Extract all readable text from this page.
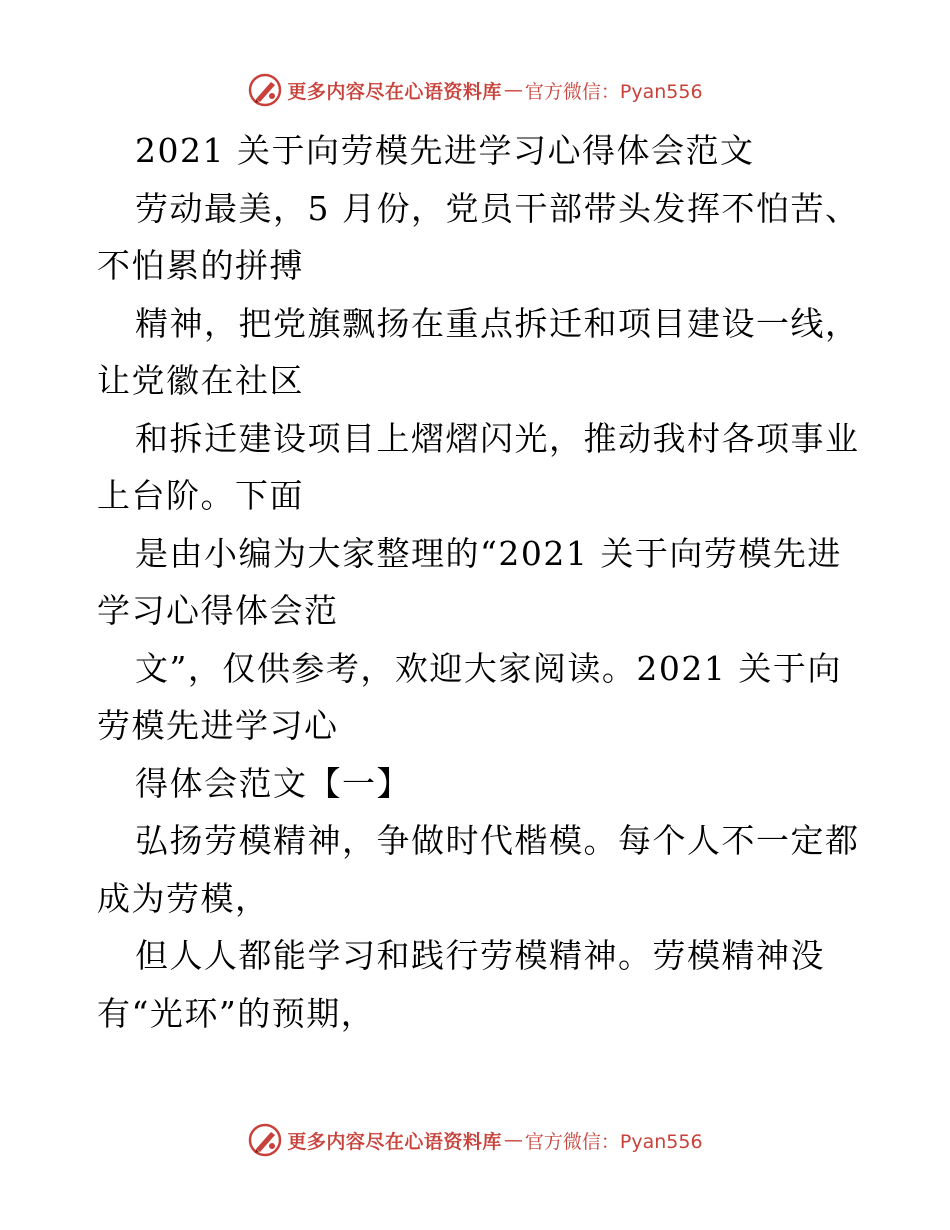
更多内容尽在心语资料库 — 官方微信：Pyan556
2021 关于向劳模先进学习心得体会范文
劳动最美，5 月份，党员干部带头发挥不怕苦、
不怕累的拼搏
精神，把党旗飘扬在重点拆迁和项目建设一线，
让党徽在社区
和拆迁建设项目上熠熠闪光，推动我村各项事业
上台阶。下面
是由小编为大家整理的“2021 关于向劳模先进
学习心得体会范
文”，仅供参考，欢迎大家阅读。2021 关于向
劳模先进学习心
得体会范文【一】
弘扬劳模精神，争做时代楷模。每个人不一定都
成为劳模，
但人人都能学习和践行劳模精神。劳模精神没
有“光环”的预期，
更多内容尽在心语资料库 — 官方微信：Pyan556
